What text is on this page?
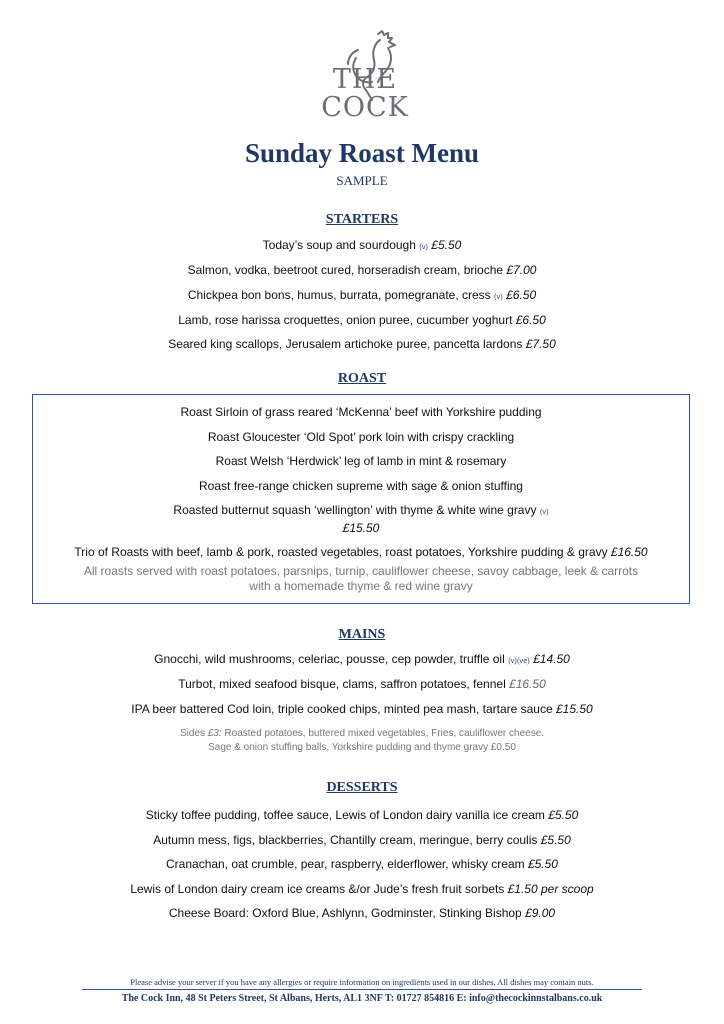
THE
COCK
Sunday Roast Menu
SAMPLE
STARTERS
Today’s soup and sourdough (v) £5.50
Salmon, vodka, beetroot cured, horseradish cream, brioche £7.00
Chickpea bon bons, humus, burrata, pomegranate, cress (v) £6.50
Lamb, rose harissa croquettes, onion puree, cucumber yoghurt £6.50
Seared king scallops, Jerusalem artichoke puree, pancetta lardons £7.50
ROAST
Roast Sirloin of grass reared ‘McKenna’ beef with Yorkshire pudding
Roast Gloucester ‘Old Spot’ pork loin with crispy crackling
Roast Welsh ‘Herdwick’ leg of lamb in mint & rosemary
Roast free-range chicken supreme with sage & onion stuffing
Roasted butternut squash ‘wellington’ with thyme & white wine gravy (v)
£15.50
Trio of Roasts with beef, lamb & pork, roasted vegetables, roast potatoes, Yorkshire pudding & gravy £16.50
All roasts served with roast potatoes, parsnips, turnip, cauliflower cheese, savoy cabbage, leek & carrots
with a homemade thyme & red wine gravy
MAINS
Gnocchi, wild mushrooms, celeriac, pousse, cep powder, truffle oil (v)(ve) £14.50
Turbot, mixed seafood bisque, clams, saffron potatoes, fennel £16.50
IPA beer battered Cod loin, triple cooked chips, minted pea mash, tartare sauce £15.50
Sides £3: Roasted potatoes, buttered mixed vegetables, Fries, cauliflower cheese.
Sage & onion stuffing balls, Yorkshire pudding and thyme gravy £0.50
DESSERTS
Sticky toffee pudding, toffee sauce, Lewis of London dairy vanilla ice cream £5.50
Autumn mess, figs, blackberries, Chantilly cream, meringue, berry coulis £5.50
Cranachan, oat crumble, pear, raspberry, elderflower, whisky cream £5.50
Lewis of London dairy cream ice creams &/or Jude’s fresh fruit sorbets £1.50 per scoop
Cheese Board: Oxford Blue, Ashlynn, Godminster, Stinking Bishop £9.00
Please advise your server if you have any allergies or require information on ingredients used in our dishes. All dishes may contain nuts.
The Cock Inn, 48 St Peters Street, St Albans, Herts, AL1 3NF T: 01727 854816 E: info@thecockinnstalbans.co.uk
